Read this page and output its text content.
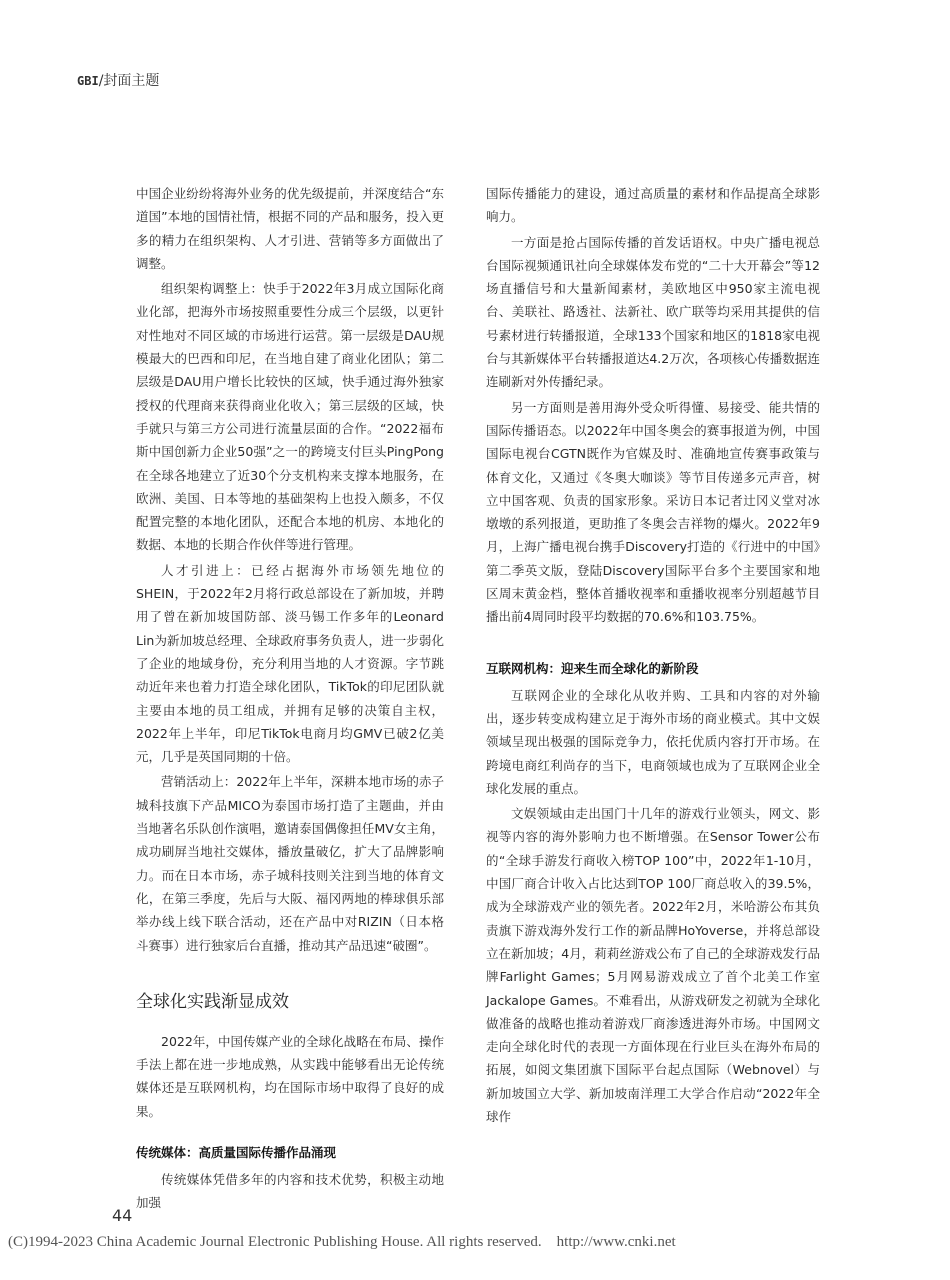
GBI/封面主题

中国企业纷纷将海外业务的优先级提前，并深度结合“东道国”本地的国情社情，根据不同的产品和服务，投入更多的精力在组织架构、人才引进、营销等多方面做出了调整。

组织架构调整上：快手于2022年3月成立国际化商业化部，把海外市场按照重要性分成三个层级，以更针对性地对不同区域的市场进行运营。第一层级是DAU规模最大的巴西和印尼，在当地自建了商业化团队；第二层级是DAU用户增长比较快的区域，快手通过海外独家授权的代理商来获得商业化收入；第三层级的区域，快手就只与第三方公司进行流量层面的合作。“2022福布斯中国创新力企业50强”之一的跨境支付巨头PingPong在全球各地建立了近30个分支机构来支撑本地服务，在欧洲、美国、日本等地的基础架构上也投入颇多，不仅配置完整的本地化团队，还配合本地的机房、本地化的数据、本地的长期合作伙伴等进行管理。

人才引进上：已经占据海外市场领先地位的SHEIN，于2022年2月将行政总部设在了新加坡，并聘用了曾在新加坡国防部、淡马锡工作多年的Leonard Lin为新加坡总经理、全球政府事务负责人，进一步弱化了企业的地域身份，充分利用当地的人才资源。字节跳动近年来也着力打造全球化团队，TikTok的印尼团队就主要由本地的员工组成，并拥有足够的决策自主权，2022年上半年，印尼TikTok电商月均GMV已破2亿美元，几乎是英国同期的十倍。

营销活动上：2022年上半年，深耕本地市场的赤子城科技旗下产品MICO为泰国市场打造了主题曲，并由当地著名乐队创作演唱，邀请泰国偶像担任MV女主角，成功刷屏当地社交媒体，播放量破亿，扩大了品牌影响力。而在日本市场，赤子城科技则关注到当地的体育文化，在第三季度，先后与大阪、福冈两地的棒球俱乐部举办线上线下联合活动，还在产品中对RIZIN（日本格斗赛事）进行独家后台直播，推动其产品迅速“破圈”。

全球化实践渐显成效

2022年，中国传媒产业的全球化战略在布局、操作手法上都在进一步地成熟，从实践中能够看出无论传统媒体还是互联网机构，均在国际市场中取得了良好的成果。

传统媒体：高质量国际传播作品涌现

传统媒体凭借多年的内容和技术优势，积极主动地加强

国际传播能力的建设，通过高质量的素材和作品提高全球影响力。

一方面是抢占国际传播的首发话语权。中央广播电视总台国际视频通讯社向全球媒体发布党的“二十大开幕会”等12场直播信号和大量新闻素材，美欧地区中950家主流电视台、美联社、路透社、法新社、欧广联等均采用其提供的信号素材进行转播报道，全球133个国家和地区的1818家电视台与其新媒体平台转播报道达4.2万次，各项核心传播数据连连刷新对外传播纪录。

另一方面则是善用海外受众听得懂、易接受、能共情的国际传播语态。以2022年中国冬奥会的赛事报道为例，中国国际电视台CGTN既作为官媒及时、准确地宣传赛事政策与体育文化，又通过《冬奥大咖谈》等节目传递多元声音，树立中国客观、负责的国家形象。采访日本记者辻冈义堂对冰墩墩的系列报道，更助推了冬奥会吉祥物的爆火。2022年9月，上海广播电视台携手Discovery打造的《行进中的中国》第二季英文版，登陆Discovery国际平台多个主要国家和地区周末黄金档，整体首播收视率和重播收视率分别超越节目播出前4周同时段平均数据的70.6%和103.75%。

互联网机构：迎来生而全球化的新阶段

互联网企业的全球化从收并购、工具和内容的对外输出，逐步转变成构建立足于海外市场的商业模式。其中文娱领域呈现出极强的国际竞争力，依托优质内容打开市场。在跨境电商红利尚存的当下，电商领域也成为了互联网企业全球化发展的重点。

文娱领域由走出国门十几年的游戏行业领头，网文、影视等内容的海外影响力也不断增强。在Sensor Tower公布的“全球手游发行商收入榜TOP 100”中，2022年1-10月，中国厂商合计收入占比达到TOP 100厂商总收入的39.5%，成为全球游戏产业的领先者。2022年2月，米哈游公布其负责旗下游戏海外发行工作的新品牌HoYoverse，并将总部设立在新加坡；4月，莉莉丝游戏公布了自己的全球游戏发行品牌Farlight Games；5月网易游戏成立了首个北美工作室Jackalope Games。不难看出，从游戏研发之初就为全球化做准备的战略也推动着游戏厂商渗透进海外市场。中国网文走向全球化时代的表现一方面体现在行业巨头在海外布局的拓展，如阅文集团旗下国际平台起点国际（Webnovel）与新加坡国立大学、新加坡南洋理工大学合作启动“2022年全球作

44
(C)1994-2023 China Academic Journal Electronic Publishing House. All rights reserved.    http://www.cnki.net
